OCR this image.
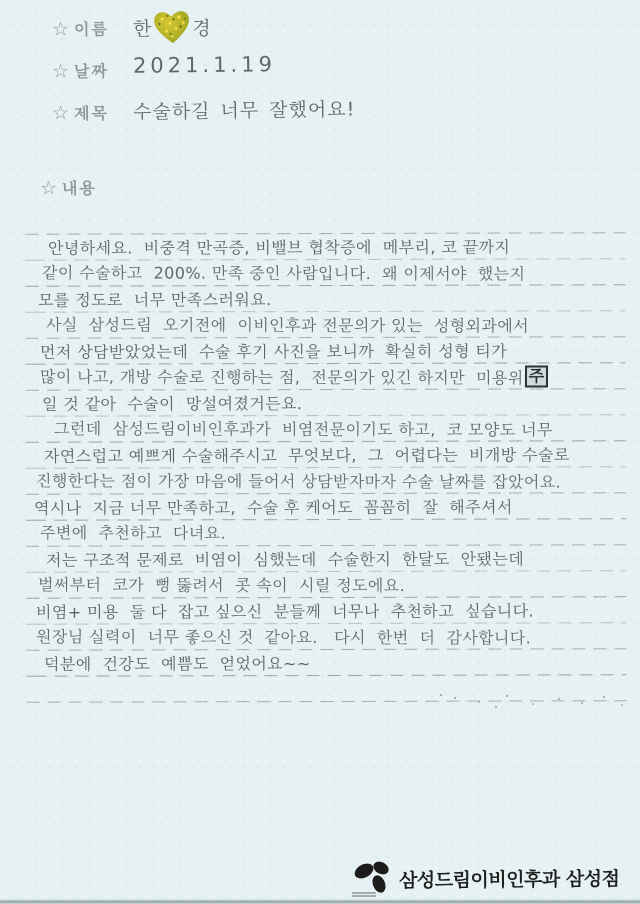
☆ 이름 한 경
☆ 날짜 2021.1.19
☆ 제목 수술하길 너무 잘했어요!
☆ 내용
안녕하세요.  비중격 만곡증, 비밸브 협착증에  메부리, 코 끝까지
같이 수술하고  200%. 만족 중인 사람입니다.  왜 이제서야  했는지
모를 정도로  너무 만족스러워요.
사실  삼성드림  오기전에  이비인후과 전문의가 있는  성형외과에서
먼저 상담받았었는데  수술 후기 사진을 보니까  확실히 성형 티가
많이 나고, 개방 수술로 진행하는 점,  전문의가 있긴 하지만  미용위 주
일 것 같아  수술이  망설여졌거든요.
그런데  삼성드림이비인후과가  비염전문이기도 하고,  코 모양도 너무
자연스럽고 예쁘게 수술해주시고  무엇보다,  그  어렵다는  비개방 수술로
진행한다는 점이 가장 마음에 들어서 상담받자마자 수술 날짜를 잡았어요.
역시나  지금 너무 만족하고,  수술 후 케어도  꼼꼼히  잘  해주셔서
주변에  추천하고  다녀요.
저는 구조적 문제로  비염이  심했는데  수술한지  한달도  안됐는데
벌써부터  코가  뻥 뚫려서  콧 속이  시릴 정도에요.
비염+ 미용  둘 다  잡고 싶으신  분들께  너무나  추천하고  싶습니다.
원장님 실력이  너무 좋으신 것  같아요.   다시  한번  더  감사합니다.
덕분에  건강도  예쁨도  얻었어요~~
삼성드림이비인후과 삼성점
